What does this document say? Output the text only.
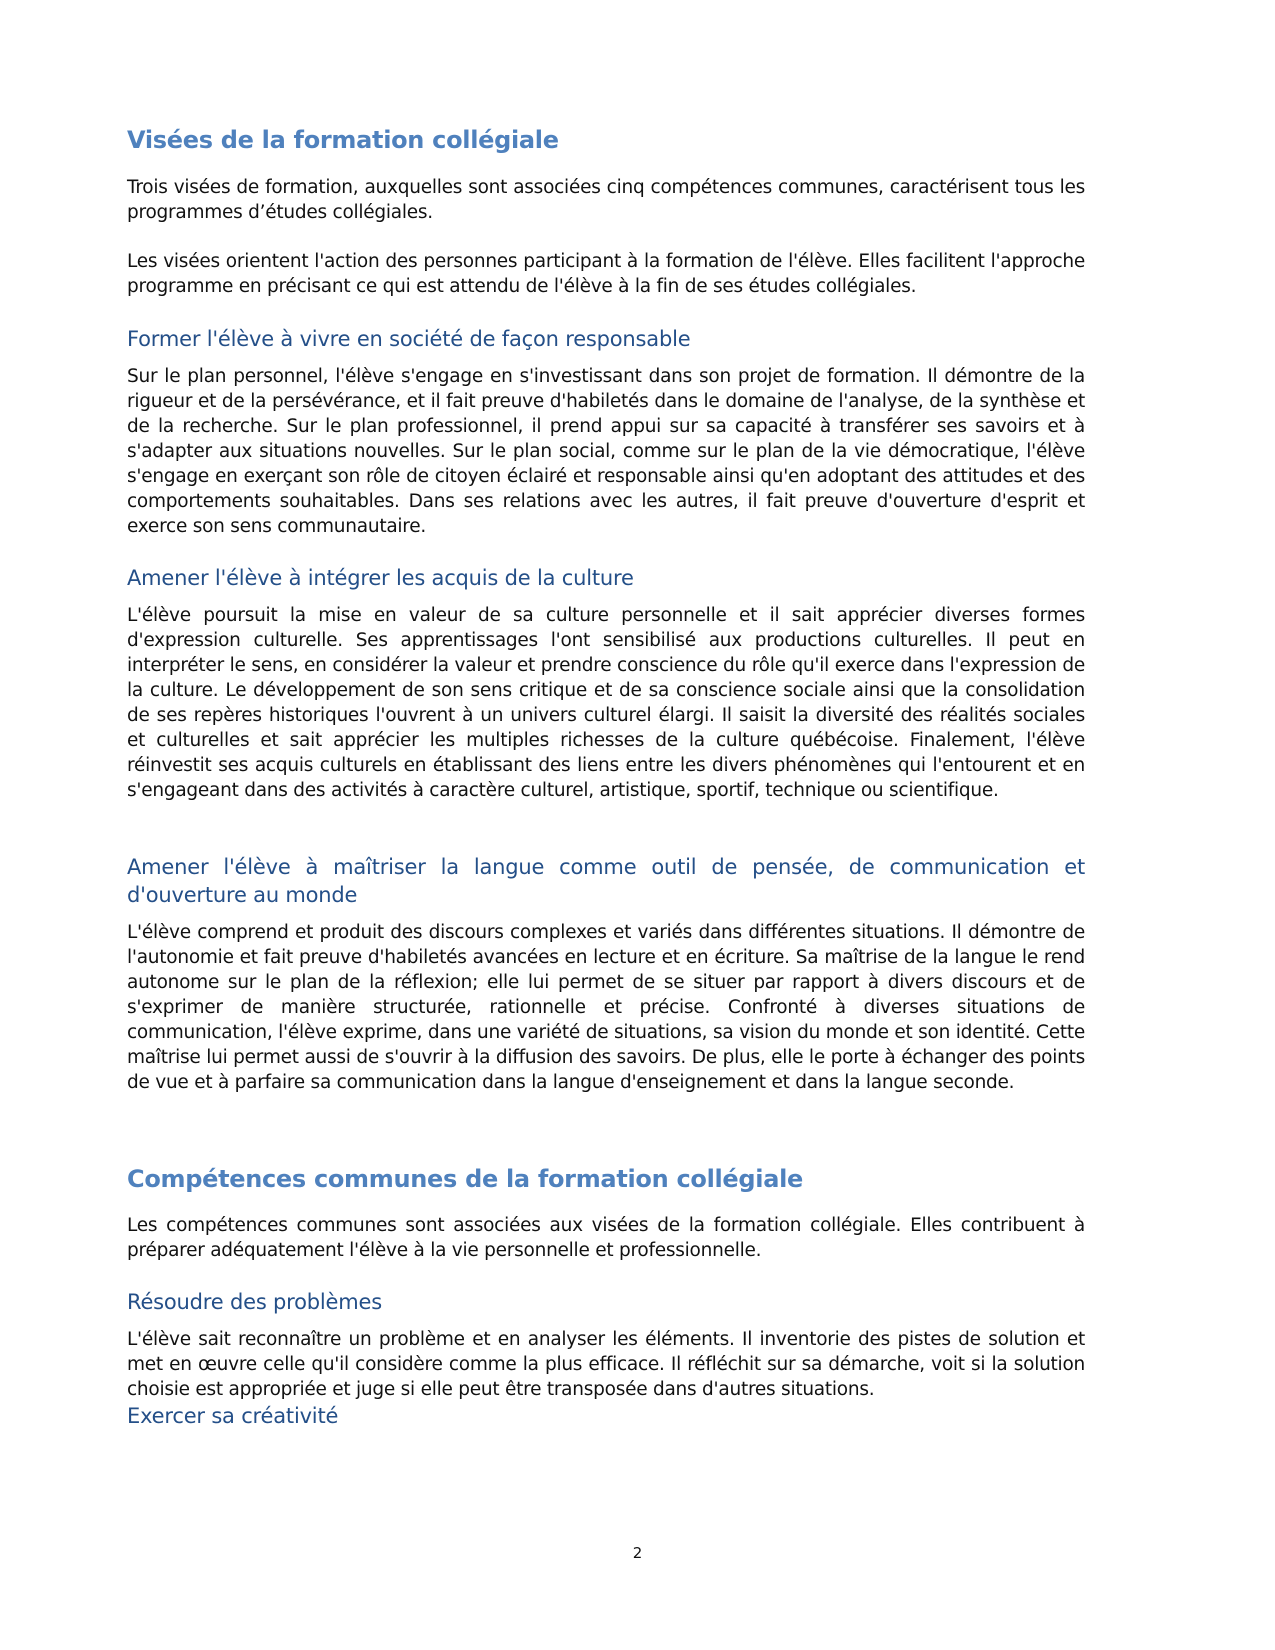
Visées de la formation collégiale

Trois visées de formation, auxquelles sont associées cinq compétences communes, caractérisent tous les programmes d’études collégiales.

Les visées orientent l'action des personnes participant à la formation de l'élève. Elles facilitent l'approche programme en précisant ce qui est attendu de l'élève à la fin de ses études collégiales.

Former l'élève à vivre en société de façon responsable

Sur le plan personnel, l'élève s'engage en s'investissant dans son projet de formation. Il démontre de la rigueur et de la persévérance, et il fait preuve d'habiletés dans le domaine de l'analyse, de la synthèse et de la recherche. Sur le plan professionnel, il prend appui sur sa capacité à transférer ses savoirs et à s'adapter aux situations nouvelles. Sur le plan social, comme sur le plan de la vie démocratique, l'élève s'engage en exerçant son rôle de citoyen éclairé et responsable ainsi qu'en adoptant des attitudes et des comportements souhaitables. Dans ses relations avec les autres, il fait preuve d'ouverture d'esprit et exerce son sens communautaire.

Amener l'élève à intégrer les acquis de la culture

L'élève poursuit la mise en valeur de sa culture personnelle et il sait apprécier diverses formes d'expression culturelle. Ses apprentissages l'ont sensibilisé aux productions culturelles. Il peut en interpréter le sens, en considérer la valeur et prendre conscience du rôle qu'il exerce dans l'expression de la culture. Le développement de son sens critique et de sa conscience sociale ainsi que la consolidation de ses repères historiques l'ouvrent à un univers culturel élargi. Il saisit la diversité des réalités sociales et culturelles et sait apprécier les multiples richesses de la culture québécoise. Finalement, l'élève réinvestit ses acquis culturels en établissant des liens entre les divers phénomènes qui l'entourent et en s'engageant dans des activités à caractère culturel, artistique, sportif, technique ou scientifique.

Amener l'élève à maîtriser la langue comme outil de pensée, de communication et d'ouverture au monde

L'élève comprend et produit des discours complexes et variés dans différentes situations. Il démontre de l'autonomie et fait preuve d'habiletés avancées en lecture et en écriture. Sa maîtrise de la langue le rend autonome sur le plan de la réflexion; elle lui permet de se situer par rapport à divers discours et de s'exprimer de manière structurée, rationnelle et précise. Confronté à diverses situations de communication, l'élève exprime, dans une variété de situations, sa vision du monde et son identité. Cette maîtrise lui permet aussi de s'ouvrir à la diffusion des savoirs. De plus, elle le porte à échanger des points de vue et à parfaire sa communication dans la langue d'enseignement et dans la langue seconde.

Compétences communes de la formation collégiale

Les compétences communes sont associées aux visées de la formation collégiale. Elles contribuent à préparer adéquatement l'élève à la vie personnelle et professionnelle.

Résoudre des problèmes

L'élève sait reconnaître un problème et en analyser les éléments. Il inventorie des pistes de solution et met en œuvre celle qu'il considère comme la plus efficace. Il réfléchit sur sa démarche, voit si la solution choisie est appropriée et juge si elle peut être transposée dans d'autres situations.

Exercer sa créativité
2
